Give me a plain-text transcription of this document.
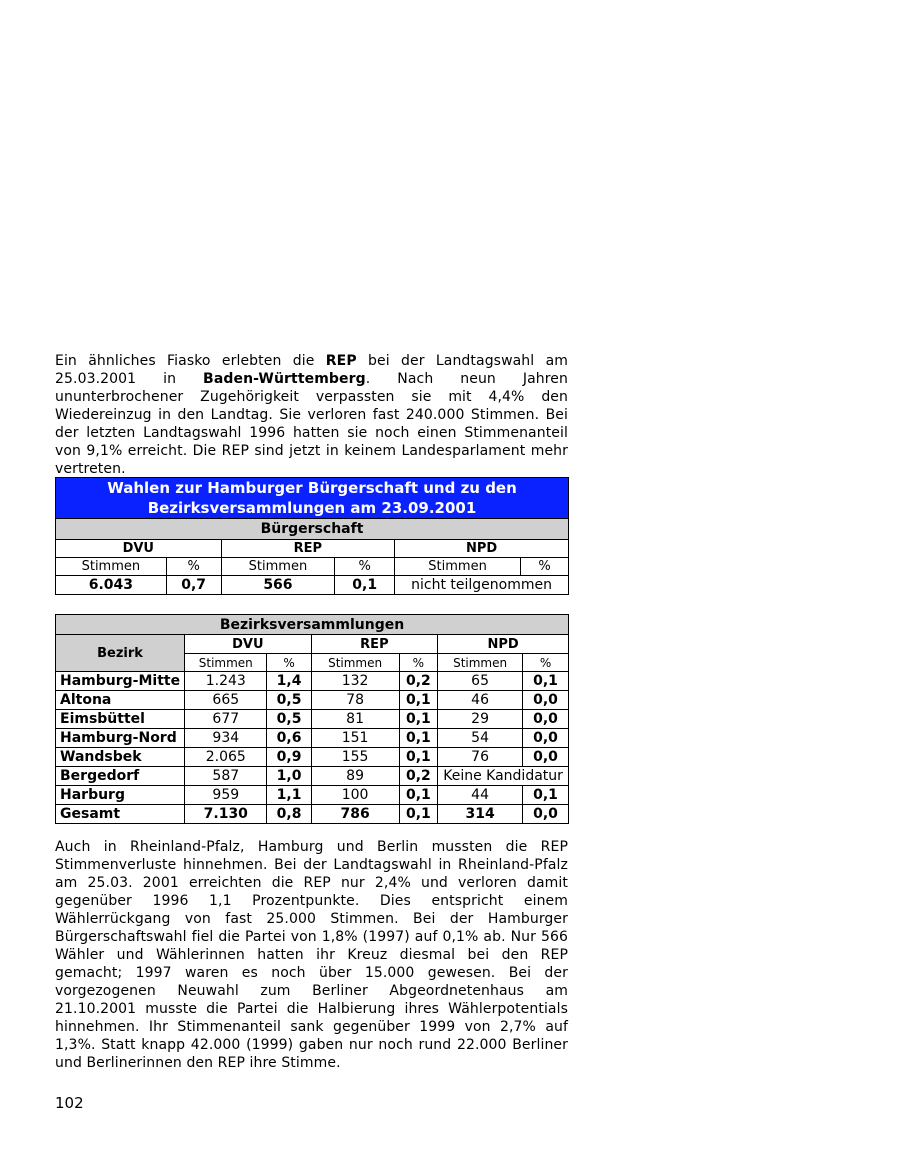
Ein ähnliches Fiasko erlebten die REP bei der Landtagswahl am 25.03.2001 in Baden-Württemberg. Nach neun Jahren ununterbrochener Zugehörigkeit verpassten sie mit 4,4% den Wiedereinzug in den Landtag. Sie verloren fast 240.000 Stimmen. Bei der letzten Landtagswahl 1996 hatten sie noch einen Stimmenanteil von 9,1% erreicht. Die REP sind jetzt in keinem Landesparlament mehr vertreten.
Wahlen zur Hamburger Bürgerschaft und zu den
Bezirksversammlungen am 23.09.2001					
Bürgerschaft					
DVU		REP		NPD	
Stimmen	%	Stimmen	%	Stimmen	%
6.043	0,7	566	0,1	nicht teilgenommen	
Bezirksversammlungen						
Bezirk	DVU		REP		NPD	
	Stimmen	%	Stimmen	%	Stimmen	%
Hamburg-Mitte	1.243	1,4	132	0,2	65	0,1
Altona	665	0,5	78	0,1	46	0,0
Eimsbüttel	677	0,5	81	0,1	29	0,0
Hamburg-Nord	934	0,6	151	0,1	54	0,0
Wandsbek	2.065	0,9	155	0,1	76	0,0
Bergedorf	587	1,0	89	0,2	Keine Kandidatur	
Harburg	959	1,1	100	0,1	44	0,1
Gesamt	7.130	0,8	786	0,1	314	0,0
Auch in Rheinland-Pfalz, Hamburg und Berlin mussten die REP Stimmenverluste hinnehmen. Bei der Landtagswahl in Rheinland-Pfalz am 25.03. 2001 erreichten die REP nur 2,4% und verloren damit gegenüber 1996 1,1 Prozentpunkte. Dies entspricht einem Wählerrückgang von fast 25.000 Stimmen. Bei der Hamburger Bürgerschaftswahl fiel die Partei von 1,8% (1997) auf 0,1% ab. Nur 566 Wähler und Wählerinnen hatten ihr Kreuz diesmal bei den REP gemacht; 1997 waren es noch über 15.000 gewesen. Bei der vorgezogenen Neuwahl zum Berliner Abgeordnetenhaus am 21.10.2001 musste die Partei die Halbierung ihres Wählerpotentials hinnehmen. Ihr Stimmenanteil sank gegenüber 1999 von 2,7% auf 1,3%. Statt knapp 42.000 (1999) gaben nur noch rund 22.000 Berliner und Berlinerinnen den REP ihre Stimme.
102
